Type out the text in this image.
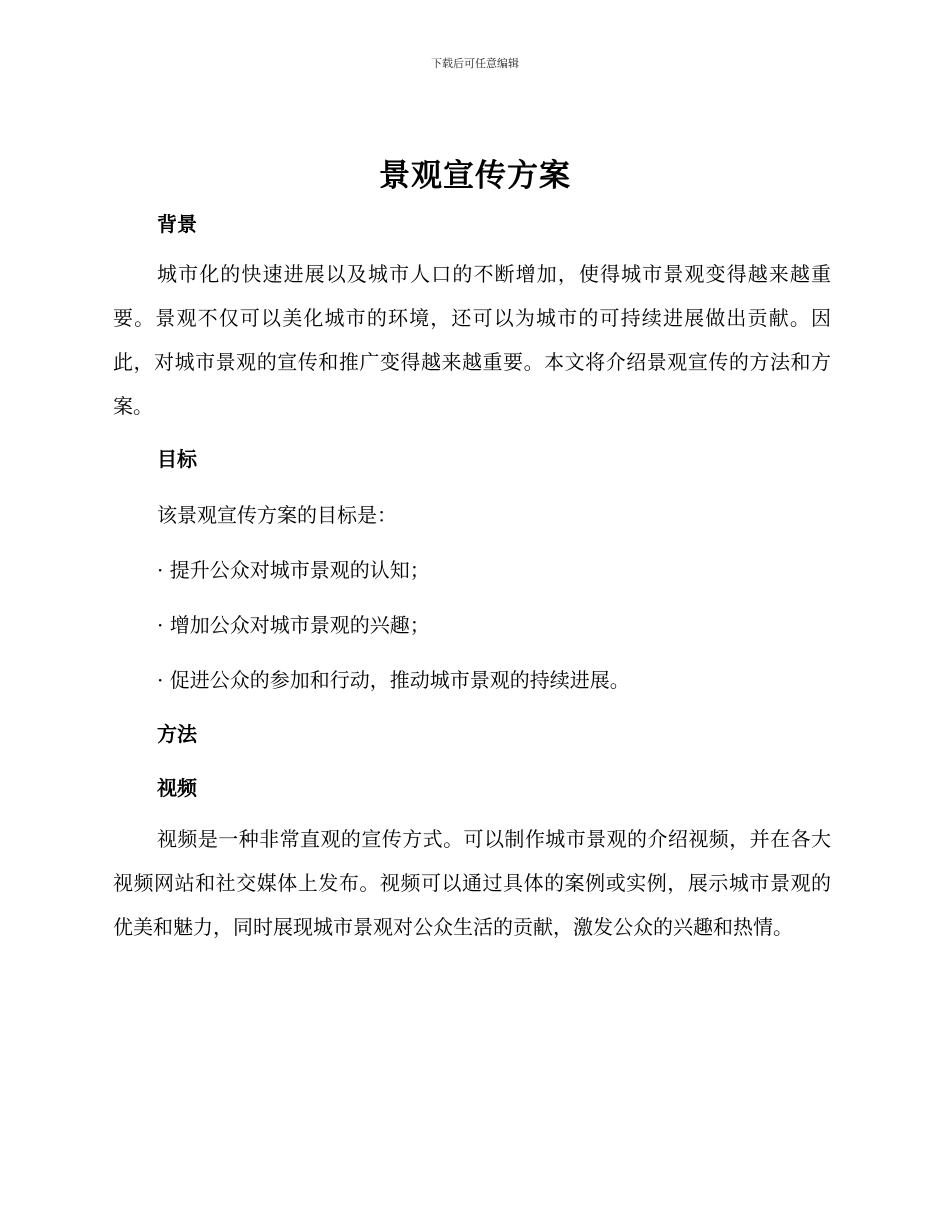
下载后可任意编辑
景观宣传方案
背景

城市化的快速进展以及城市人口的不断增加，使得城市景观变得越来越重要。景观不仅可以美化城市的环境，还可以为城市的可持续进展做出贡献。因此，对城市景观的宣传和推广变得越来越重要。本文将介绍景观宣传的方法和方案。

目标
该景观宣传方案的目标是：
· 提升公众对城市景观的认知；
· 增加公众对城市景观的兴趣；
· 促进公众的参加和行动，推动城市景观的持续进展。
方法
视频

视频是一种非常直观的宣传方式。可以制作城市景观的介绍视频，并在各大视频网站和社交媒体上发布。视频可以通过具体的案例或实例，展示城市景观的优美和魅力，同时展现城市景观对公众生活的贡献，激发公众的兴趣和热情。
